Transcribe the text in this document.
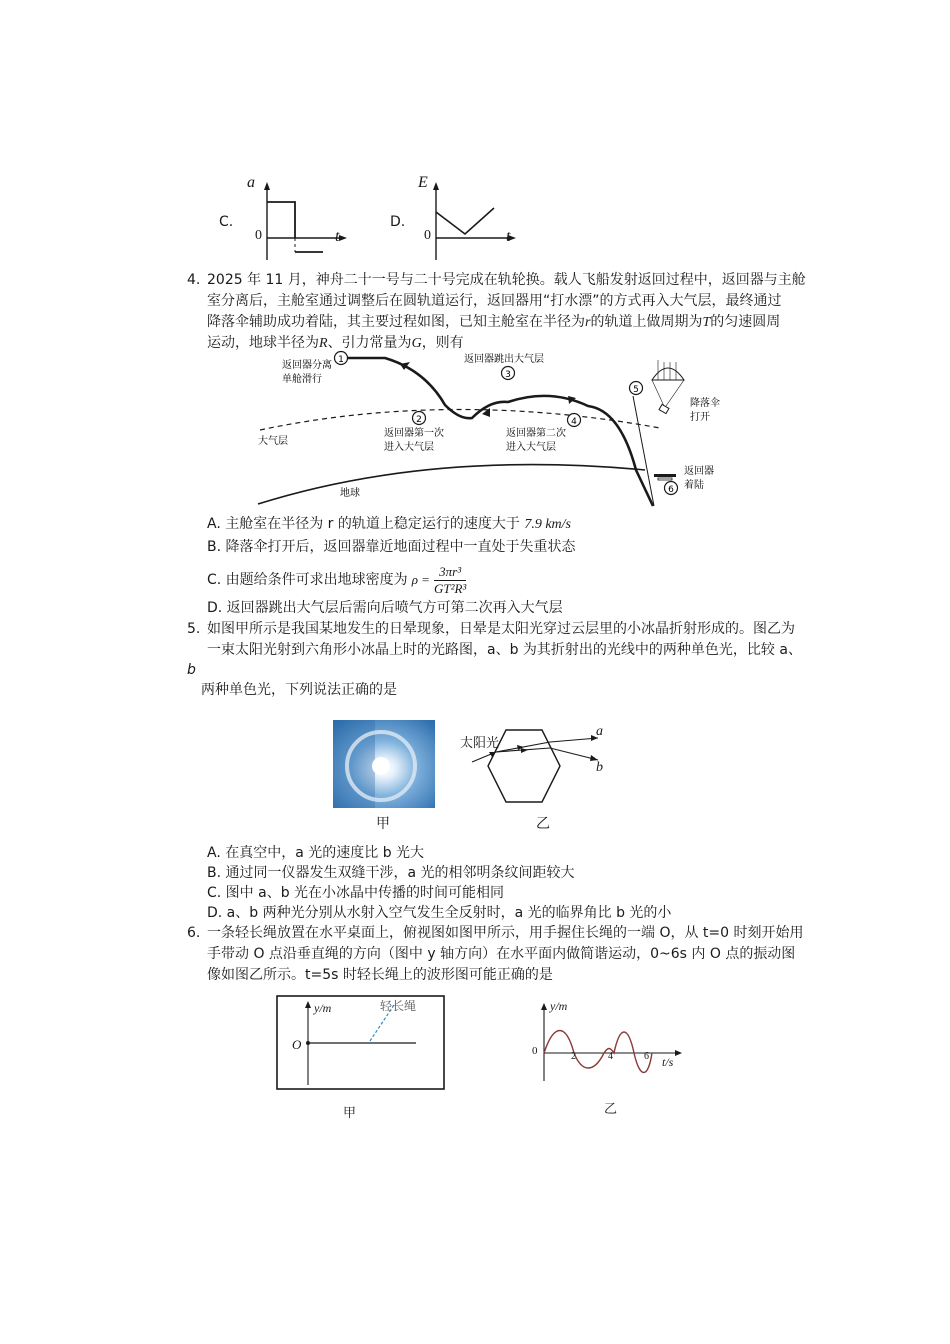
C.
a
0	t
D.
E
0	t
4. 2025 年 11 月，神舟二十一号与二十号完成在轨轮换。载人飞船发射返回过程中，返回器与主舱
室分离后，主舱室通过调整后在圆轨道运行，返回器用“打水漂”的方式再入大气层，最终通过
降落伞辅助成功着陆，其主要过程如图，已知主舱室在半径为r的轨道上做周期为T的匀速圆周
运动，地球半径为R、引力常量为G，则有
1
2
3
4
5
6
返回器分离
单舱滑行
返回器跳出大气层
返回器第一次
进入大气层
返回器第二次
进入大气层
降落伞
打开
返回器
着陆
大气层
地球
A. 主舱室在半径为 r 的轨道上稳定运行的速度大于 7.9 km/s
B. 降落伞打开后，返回器靠近地面过程中一直处于失重状态
C. 由题给条件可求出地球密度为 $\rho = \frac{\text{3πr³}}{\text{GT²R³}}$
D. 返回器跳出大气层后需向后喷气方可第二次再入大气层
5. 如图甲所示是我国某地发生的日晕现象，日晕是太阳光穿过云层里的小冰晶折射形成的。图乙为
一束太阳光射到六角形小冰晶上时的光路图，a、b 为其折射出的光线中的两种单色光，比较 a、
b
两种单色光，下列说法正确的是
甲
太阳光
a
b
乙
A. 在真空中，a 光的速度比 b 光大
B. 通过同一仪器发生双缝干涉，a 光的相邻明条纹间距较大
C. 图中 a、b 光在小冰晶中传播的时间可能相同
D. a、b 两种光分别从水射入空气发生全反射时，a 光的临界角比 b 光的小
6. 一条轻长绳放置在水平桌面上，俯视图如图甲所示，用手握住长绳的一端 O，从 t=0 时刻开始用
手带动 O 点沿垂直绳的方向（图中 y 轴方向）在水平面内做简谐运动，0~6s 内 O 点的振动图
像如图乙所示。t=5s 时轻长绳上的波形图可能正确的是
y/m
O
轻长绳
甲
y/m
0	2	4	6 t/s
乙
